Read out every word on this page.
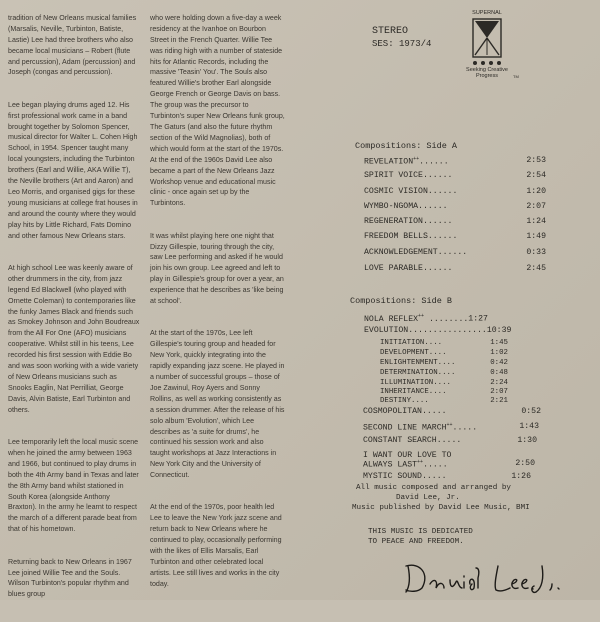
tradition of New Orleans musical families (Marsalis, Neville, Turbinton, Batiste, Lastie) Lee had three brothers who also became local musicians – Robert (flute and percussion), Adam (percussion) and Joseph (congas and percussion).

Lee began playing drums aged 12. His first professional work came in a band brought together by Solomon Spencer, musical director for Walter L. Cohen High School, in 1954. Spencer taught many local youngsters, including the Turbinton brothers (Earl and Willie, AKA Willie T), the Neville brothers (Art and Aaron) and Leo Morris, and organised gigs for these young musicians at college frat houses in and around the county where they would play hits by Little Richard, Fats Domino and other famous New Orleans stars.

At high school Lee was keenly aware of other drummers in the city, from jazz legend Ed Blackwell (who played with Ornette Coleman) to contemporaries like the funky James Black and friends such as Smokey Johnson and John Boudreaux from the All For One (AFO) musicians cooperative. Whilst still in his teens, Lee recorded his first session with Eddie Bo and was soon working with a wide variety of New Orleans musicians such as Snooks Eaglin, Nat Perrilliat, George Davis, Alvin Batiste, Earl Turbinton and others.

Lee temporarily left the local music scene when he joined the army between 1963 and 1966, but continued to play drums in both the 4th Army band in Texas and later the 8th Army band whilst stationed in South Korea (alongside Anthony Braxton). In the army he learnt to respect the march of a different parade beat from that of his hometown.

Returning back to New Orleans in 1967 Lee joined Willie Tee and the Souls. Wilson Turbinton's popular rhythm and blues group

who were holding down a five-day a week residency at the Ivanhoe on Bourbon Street in the French Quarter. Willie Tee was riding high with a number of stateside hits for Atlantic Records, including the massive 'Teasin' You'. The Souls also featured Willie's brother Earl alongside George French or George Davis on bass. The group was the precursor to Turbinton's super New Orleans funk group, The Gaturs (and also the future rhythm section of the Wild Magnolias), both of which would form at the start of the 1970s. At the end of the 1960s David Lee also became a part of the New Orleans Jazz Workshop venue and educational music clinic - once again set up by the Turbintons.

It was whilst playing here one night that Dizzy Gillespie, touring through the city, saw Lee performing and asked if he would join his own group. Lee agreed and left to play in Gillespie's group for over a year, an experience that he describes as 'like being at school'.

At the start of the 1970s, Lee left Gillespie's touring group and headed for New York, quickly integrating into the rapidly expanding jazz scene. He played in a number of successful groups – those of Joe Zawinul, Roy Ayers and Sonny Rollins, as well as working consistently as a session drummer. After the release of his solo album 'Evolution', which Lee describes as 'a suite for drums', he continued his session work and also taught workshops at Jazz Interactions in New York City and the University of Connecticut.

At the end of the 1970s, poor health led Lee to leave the New York jazz scene and return back to New Orleans where he continued to play, occasionally performing with the likes of Ellis Marsalis, Earl Turbinton and other celebrated local artists. Lee still lives and works in the city today.

STEREO
SES: 1973/4
SUPERNAL
Seeking Creative Progress	TM
Compositions: Side A
REVELATION++	2:53
......
SPIRIT VOICE	2:54
......
COSMIC VISION	1:20
......
WYMBO-NGOMA	2:07
......
REGENERATION	1:24
......
FREEDOM BELLS	1:49
......
ACKNOWLEDGEMENT	0:33
......
LOVE PARABLE	2:45
......
Compositions: Side B
NOLA REFLEX++ ........1:27
EVOLUTION................10:39
INITIATION	1:45
....
DEVELOPMENT	1:02
....
ENLIGHTENMENT	0:42
....
DETERMINATION	0:48
....
ILLUMINATION	2:24
....
INHERITANCE	2:07
....
DESTINY	2:21
....
COSMOPOLITAN	0:52
.....
SECOND LINE MARCH++	1:43
.....
CONSTANT SEARCH	1:30
.....
I WANT OUR LOVE TO
ALWAYS LAST++	2:50
.....
MYSTIC SOUND	1:26
.....
All music composed and arranged by
David Lee, Jr.
Music published by David Lee Music, BMI
THIS MUSIC IS DEDICATED
TO PEACE AND FREEDOM.
